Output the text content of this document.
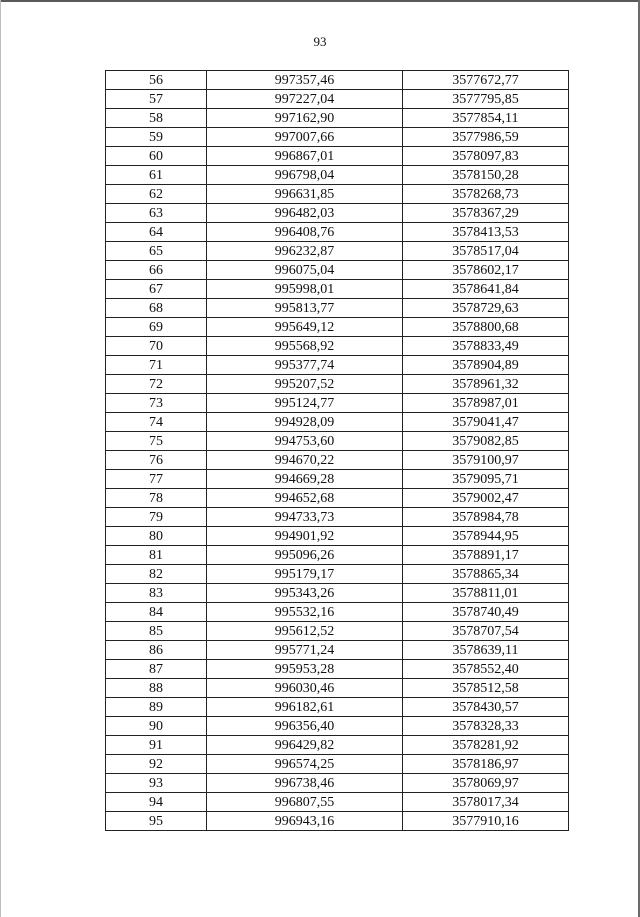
93
56	997357,46	3577672,77
57	997227,04	3577795,85
58	997162,90	3577854,11
59	997007,66	3577986,59
60	996867,01	3578097,83
61	996798,04	3578150,28
62	996631,85	3578268,73
63	996482,03	3578367,29
64	996408,76	3578413,53
65	996232,87	3578517,04
66	996075,04	3578602,17
67	995998,01	3578641,84
68	995813,77	3578729,63
69	995649,12	3578800,68
70	995568,92	3578833,49
71	995377,74	3578904,89
72	995207,52	3578961,32
73	995124,77	3578987,01
74	994928,09	3579041,47
75	994753,60	3579082,85
76	994670,22	3579100,97
77	994669,28	3579095,71
78	994652,68	3579002,47
79	994733,73	3578984,78
80	994901,92	3578944,95
81	995096,26	3578891,17
82	995179,17	3578865,34
83	995343,26	3578811,01
84	995532,16	3578740,49
85	995612,52	3578707,54
86	995771,24	3578639,11
87	995953,28	3578552,40
88	996030,46	3578512,58
89	996182,61	3578430,57
90	996356,40	3578328,33
91	996429,82	3578281,92
92	996574,25	3578186,97
93	996738,46	3578069,97
94	996807,55	3578017,34
95	996943,16	3577910,16
